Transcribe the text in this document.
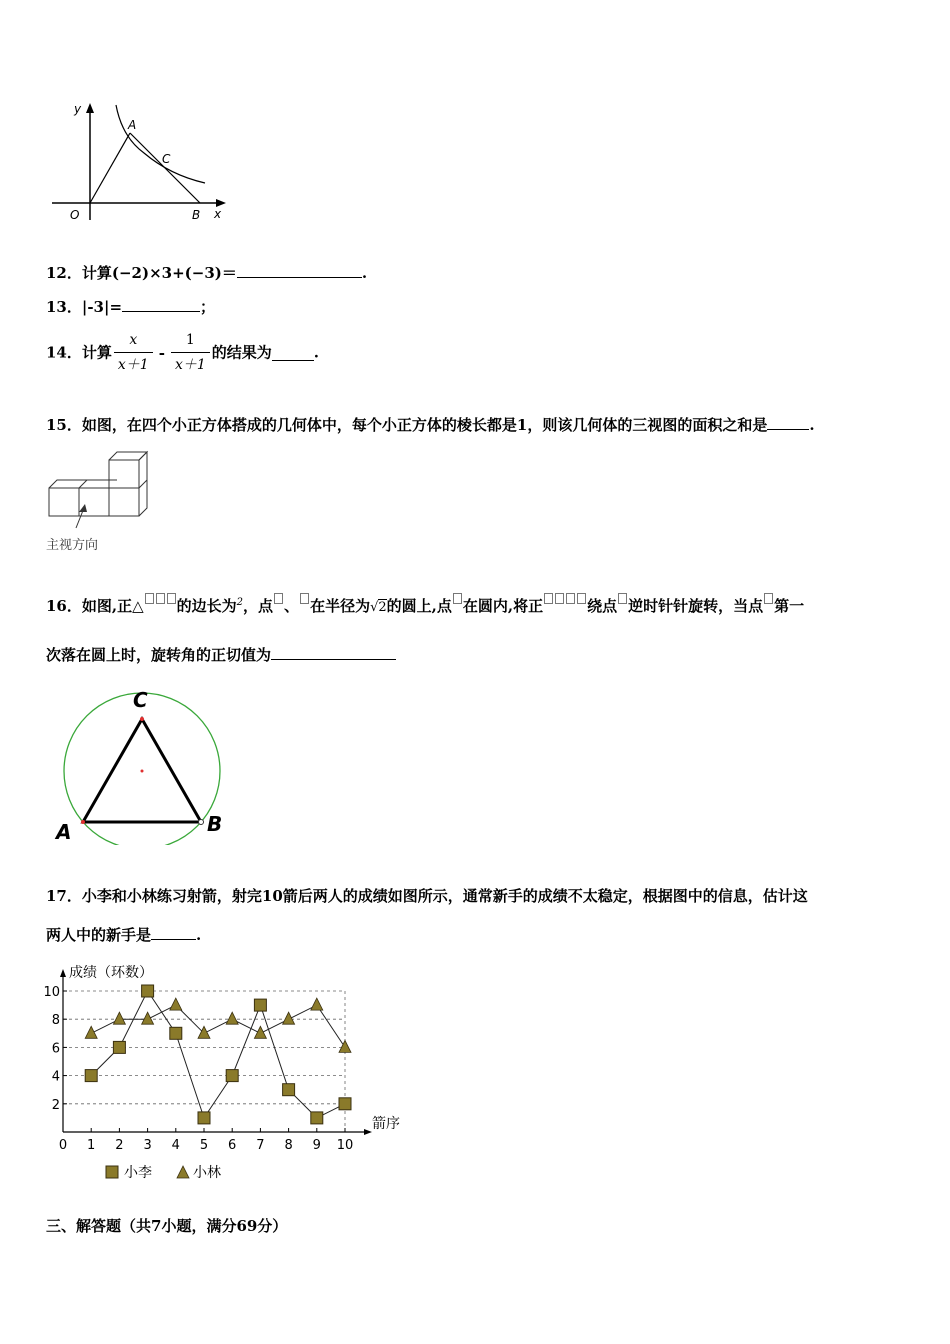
y
x
O
A
B
C
12．计算(−2)×3+(−3)＝	.
13．|-3|=	；
14．计算 $\frac{x}{x+1} - \frac{1}{x+1}$ 的结果为	.
15．如图，在四个小正方体搭成的几何体中，每个小正方体的棱长都是1，则该几何体的三视图的面积之和是	.
主视方向
16．如图,正△ 的边长为$^2$，点 、 在半径为√2的圆上,点 在圆内,将正	绕点 逆时针针旋转，当点 第一
次落在圆上时，旋转角的正切值为
C
A	B
17．小李和小林练习射箭，射完10箭后两人的成绩如图所示，通常新手的成绩不太稳定，根据图中的信息，估计这
两人中的新手是	.
0 1 2 3 4 5 6 7 8 9 10
2
4
6
8
10
成绩（环数）
箭序
小李	小林
三、解答题（共7小题，满分69分）
